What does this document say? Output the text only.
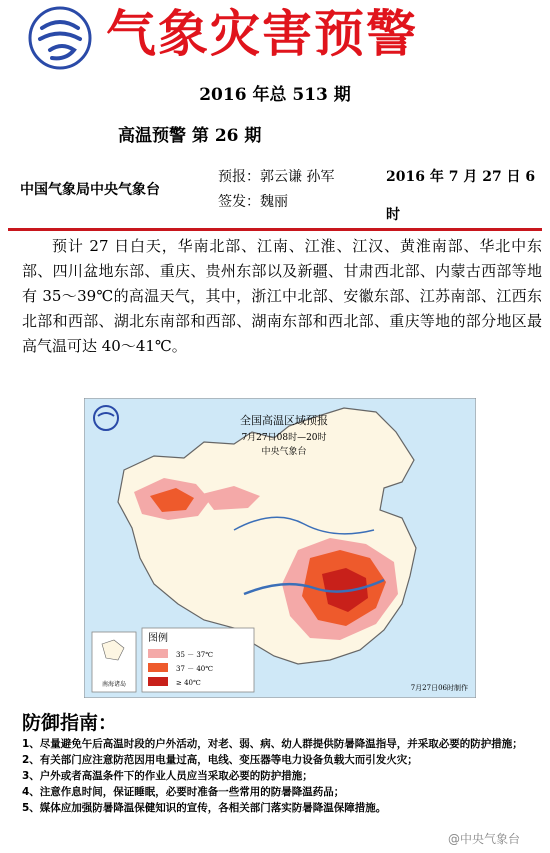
气象灾害预警
2016 年总 513 期
高温预警 第 26 期
中国气象局中央气象台
预报：郭云谦 孙军
签发：魏丽
2016 年 7 月 27 日 6 时
预计 27 日白天，华南北部、江南、江淮、江汉、黄淮南部、华北中东部、四川盆地东部、重庆、贵州东部以及新疆、甘肃西北部、内蒙古西部等地有 35～39℃的高温天气，其中，浙江中北部、安徽东部、江苏南部、江西东北部和西部、湖北东南部和西部、湖南东部和西北部、重庆等地的部分地区最高气温可达 40～41℃。
全国高温区域预报
7月27日08时—20时
中央气象台
图例
35 － 37℃
37 － 40℃
≥ 40℃
南海诸岛	7月27日06时制作
防御指南：
1、尽量避免午后高温时段的户外活动，对老、弱、病、幼人群提供防暑降温指导，并采取必要的防护措施；
2、有关部门应注意防范因用电量过高，电线、变压器等电力设备负载大而引发火灾；
3、户外或者高温条件下的作业人员应当采取必要的防护措施；
4、注意作息时间，保证睡眠，必要时准备一些常用的防暑降温药品；
5、媒体应加强防暑降温保健知识的宣传，各相关部门落实防暑降温保障措施。
@中央气象台
